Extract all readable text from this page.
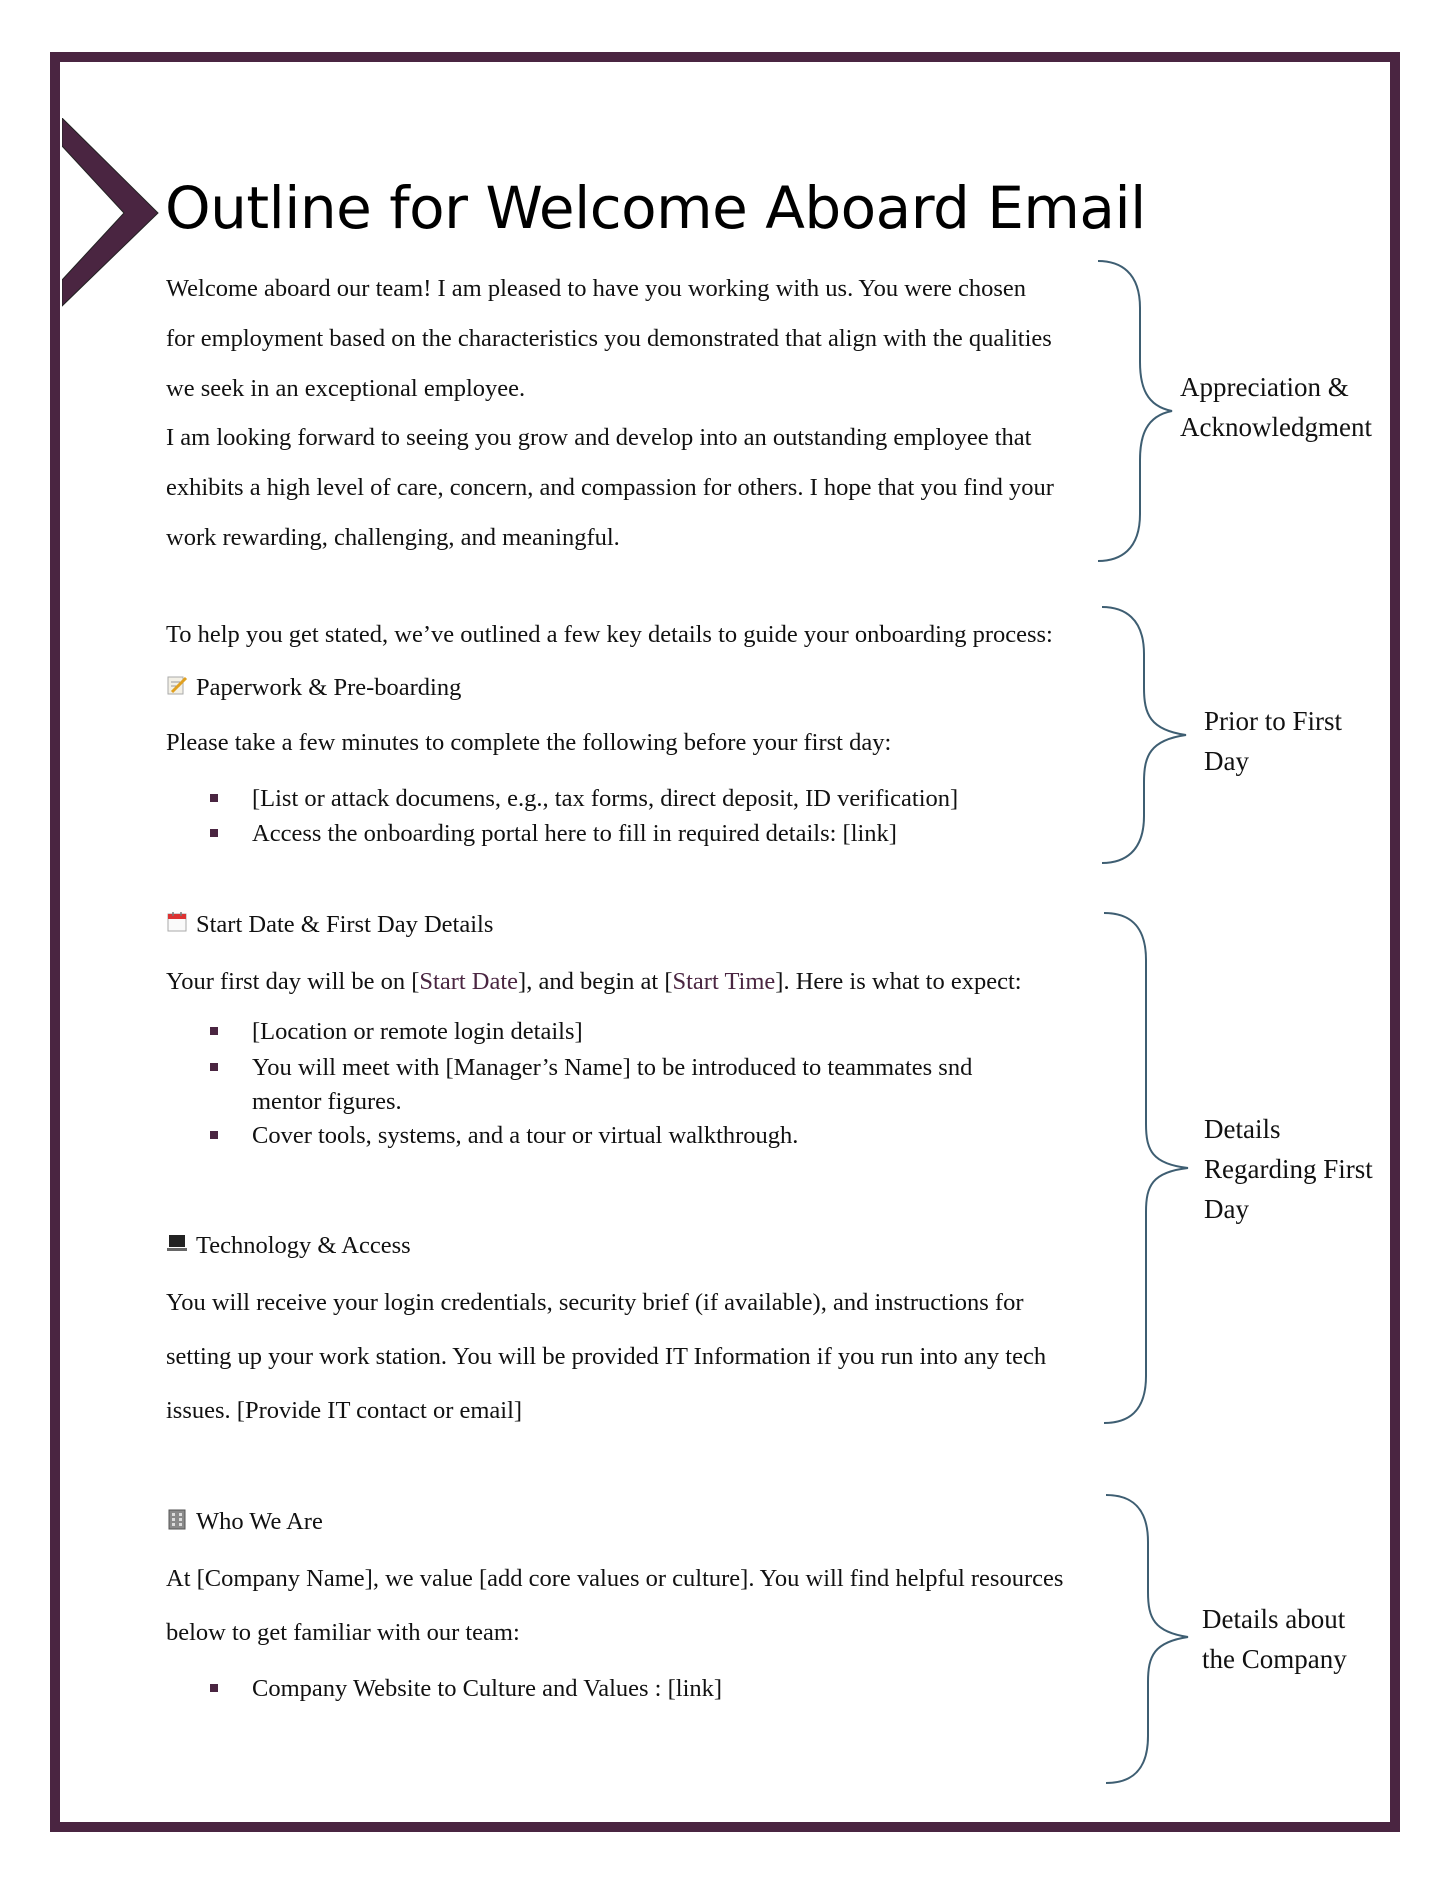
Outline for Welcome Aboard Email
Welcome aboard our team! I am pleased to have you working with us. You were chosen
for employment based on the characteristics you demonstrated that align with the qualities
we seek in an exceptional employee.
I am looking forward to seeing you grow and develop into an outstanding employee that
exhibits a high level of care, concern, and compassion for others. I hope that you find your
work rewarding, challenging, and meaningful.
To help you get stated, we’ve outlined a few key details to guide your onboarding process:
Paperwork & Pre-boarding
Please take a few minutes to complete the following before your first day:
[List or attack documens, e.g., tax forms, direct deposit, ID verification]
Access the onboarding portal here to fill in required details: [link]
Start Date & First Day Details
Your first day will be on [Start Date], and begin at [Start Time]. Here is what to expect:
[Location or remote login details]
You will meet with [Manager’s Name] to be introduced to teammates snd
mentor figures.
Cover tools, systems, and a tour or virtual walkthrough.
Technology & Access
You will receive your login credentials, security brief (if available), and instructions for
setting up your work station. You will be provided IT Information if you run into any tech
issues. [Provide IT contact or email]
Who We Are
At [Company Name], we value [add core values or culture]. You will find helpful resources
below to get familiar with our team:
Company Website to Culture and Values : [link]
Appreciation &
Acknowledgment
Prior to First
Day
Details
Regarding First
Day
Details about
the Company
